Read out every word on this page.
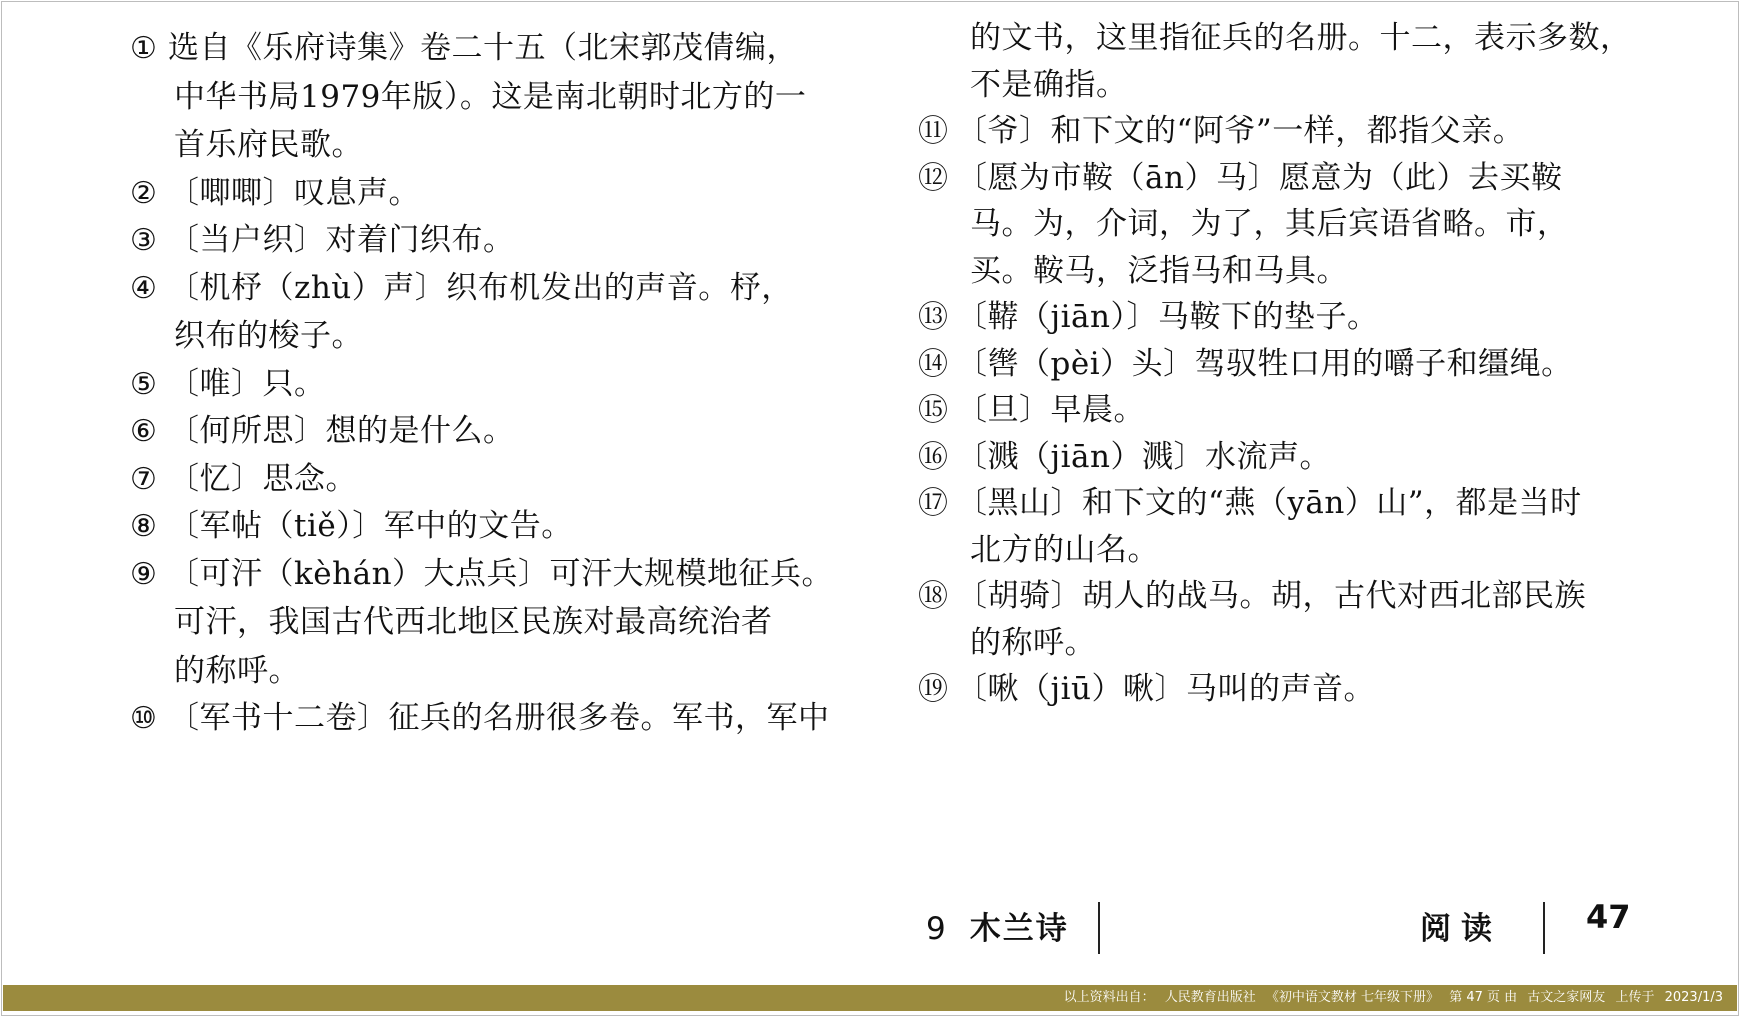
① 选自《乐府诗集》卷二十五（北宋郭茂倩编，
中华书局1979年版）。这是南北朝时北方的一
首乐府民歌。
② 〔唧唧〕叹息声。
③ 〔当户织〕对着门织布。
④ 〔机杼（zhù）声〕织布机发出的声音。杼，
织布的梭子。
⑤ 〔唯〕只。
⑥ 〔何所思〕想的是什么。
⑦ 〔忆〕思念。
⑧ 〔军帖（tiě）〕军中的文告。
⑨ 〔可汗（kèhán）大点兵〕可汗大规模地征兵。
可汗，我国古代西北地区民族对最高统治者
的称呼。
⑩ 〔军书十二卷〕征兵的名册很多卷。军书，军中
的文书，这里指征兵的名册。十二，表示多数，
不是确指。
⑪ 〔爷〕和下文的“阿爷”一样，都指父亲。
⑫ 〔愿为市鞍（ān）马〕愿意为（此）去买鞍
马。为，介词，为了，其后宾语省略。市，
买。鞍马，泛指马和马具。
⑬ 〔鞯（jiān）〕马鞍下的垫子。
⑭ 〔辔（pèi）头〕驾驭牲口用的嚼子和缰绳。
⑮ 〔旦〕早晨。
⑯ 〔溅（jiān）溅〕水流声。
⑰ 〔黑山〕和下文的“燕（yān）山”，都是当时
北方的山名。
⑱ 〔胡骑〕胡人的战马。胡，古代对西北部民族
的称呼。
⑲ 〔啾（jiū）啾〕马叫的声音。
9 木兰诗	阅读	47
以上资料出自： 人民教育出版社 《初中语文教材 七年级下册》 第 47 页 由 古文之家网友 上传于 2023/1/3
